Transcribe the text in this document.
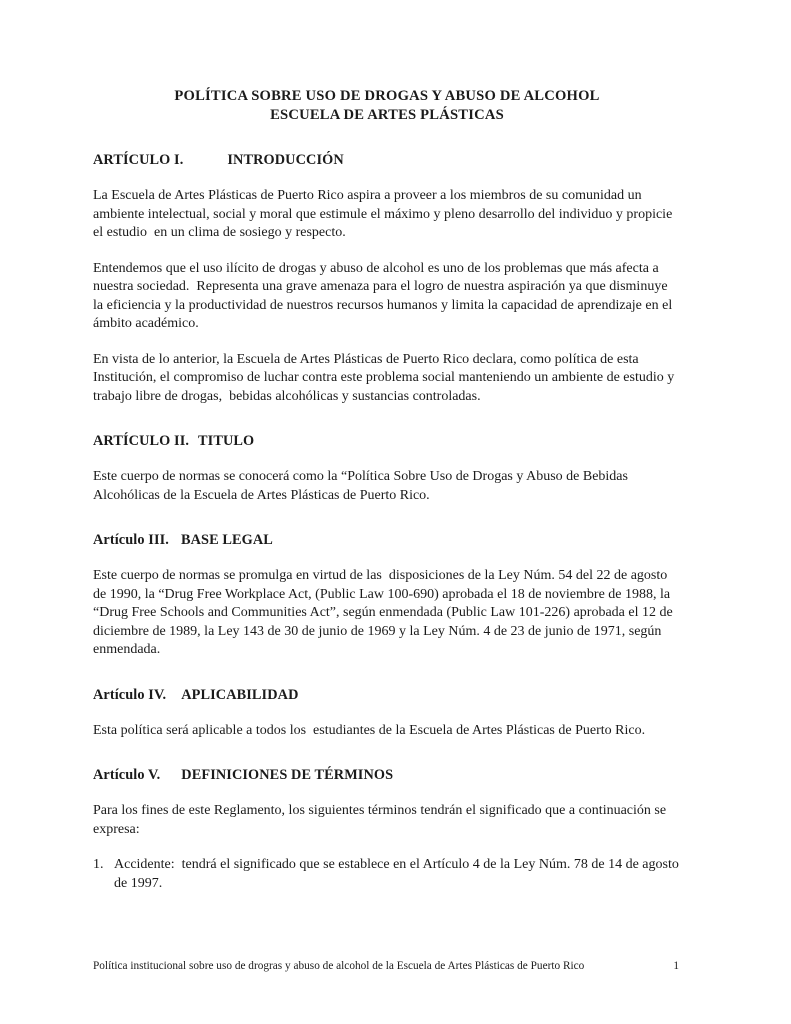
POLÍTICA SOBRE USO DE DROGAS Y ABUSO DE ALCOHOL
ESCUELA DE ARTES PLÁSTICAS
ARTÍCULO I.	INTRODUCCIÓN

La Escuela de Artes Plásticas de Puerto Rico aspira a proveer a los miembros de su comunidad un ambiente intelectual, social y moral que estimule el máximo y pleno desarrollo del individuo y propicie el estudio  en un clima de sosiego y respecto.

Entendemos que el uso ilícito de drogas y abuso de alcohol es uno de los problemas que más afecta a nuestra sociedad.  Representa una grave amenaza para el logro de nuestra aspiración ya que disminuye la eficiencia y la productividad de nuestros recursos humanos y limita la capacidad de aprendizaje en el ámbito académico.

En vista de lo anterior, la Escuela de Artes Plásticas de Puerto Rico declara, como política de esta Institución, el compromiso de luchar contra este problema social manteniendo un ambiente de estudio y trabajo libre de drogas,  bebidas alcohólicas y sustancias controladas.

ARTÍCULO II. TITULO

Este cuerpo de normas se conocerá como la “Política Sobre Uso de Drogas y Abuso de Bebidas Alcohólicas de la Escuela de Artes Plásticas de Puerto Rico.

Artículo III. BASE LEGAL

Este cuerpo de normas se promulga en virtud de las  disposiciones de la Ley Núm. 54 del 22 de agosto de 1990, la “Drug Free Workplace Act, (Public Law 100-690) aprobada el 18 de noviembre de 1988, la “Drug Free Schools and Communities Act”, según enmendada (Public Law 101-226) aprobada el 12 de diciembre de 1989, la Ley 143 de 30 de junio de 1969 y la Ley Núm. 4 de 23 de junio de 1971, según enmendada.

Artículo IV. APLICABILIDAD

Esta política será aplicable a todos los  estudiantes de la Escuela de Artes Plásticas de Puerto Rico.

Artículo V. DEFINICIONES DE TÉRMINOS

Para los fines de este Reglamento, los siguientes términos tendrán el significado que a continuación se expresa:

1. Accidente:  tendrá el significado que se establece en el Artículo 4 de la Ley Núm. 78 de 14 de agosto de 1997.
Política institucional sobre uso de drogras y abuso de alcohol de la Escuela de Artes Plásticas de Puerto Rico	1
